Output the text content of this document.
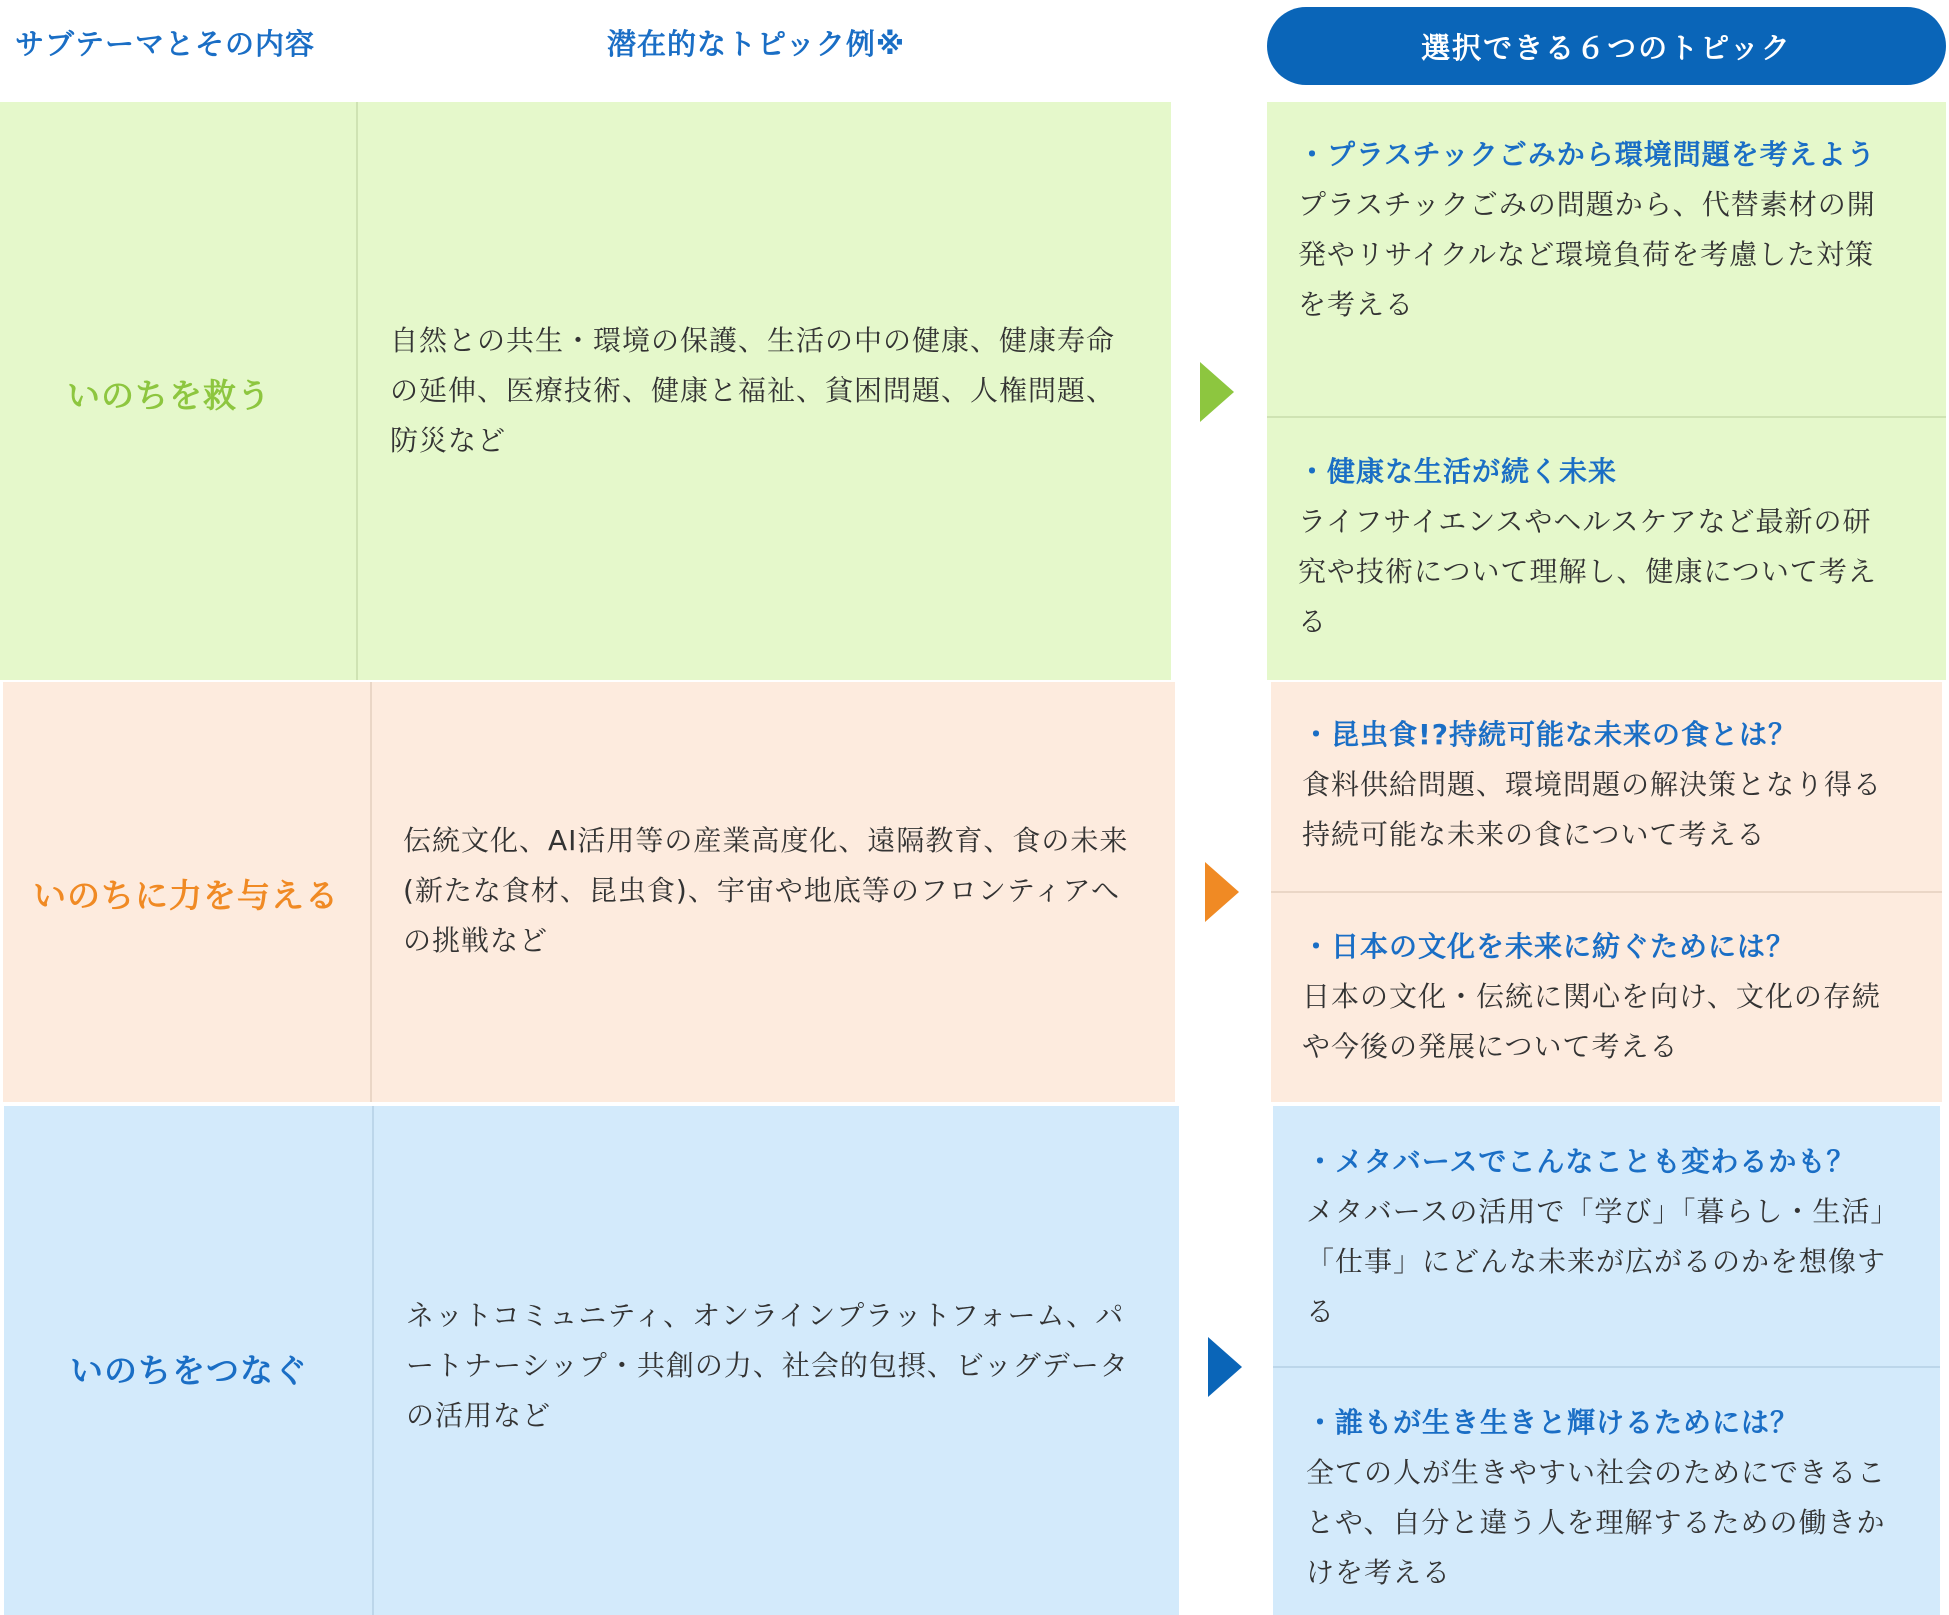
サブテーマとその内容	潜在的なトピック例※	選択できる６つのトピック
いのちを救う
自然との共生・環境の保護、生活の中の健康、健康寿命の延伸、医療技術、健康と福祉、貧困問題、人権問題、防災など
・プラスチックごみから環境問題を考えよう
プラスチックごみの問題から、代替素材の開発やリサイクルなど環境負荷を考慮した対策を考える
・健康な生活が続く未来
ライフサイエンスやヘルスケアなど最新の研究や技術について理解し、健康について考える
いのちに力を与える
伝統文化、AI活用等の産業高度化、遠隔教育、食の未来(新たな食材、昆虫食)、宇宙や地底等のフロンティアへの挑戦など
・昆虫食!?持続可能な未来の食とは？
食料供給問題、環境問題の解決策となり得る持続可能な未来の食について考える
・日本の文化を未来に紡ぐためには？
日本の文化・伝統に関心を向け、文化の存続や今後の発展について考える
いのちをつなぐ
ネットコミュニティ、オンラインプラットフォーム、パートナーシップ・共創の力、社会的包摂、ビッグデータの活用など
・メタバースでこんなことも変わるかも？
メタバースの活用で「学び」「暮らし・生活」「仕事」にどんな未来が広がるのかを想像する
・誰もが生き生きと輝けるためには？
全ての人が生きやすい社会のためにできることや、自分と違う人を理解するための働きかけを考える
